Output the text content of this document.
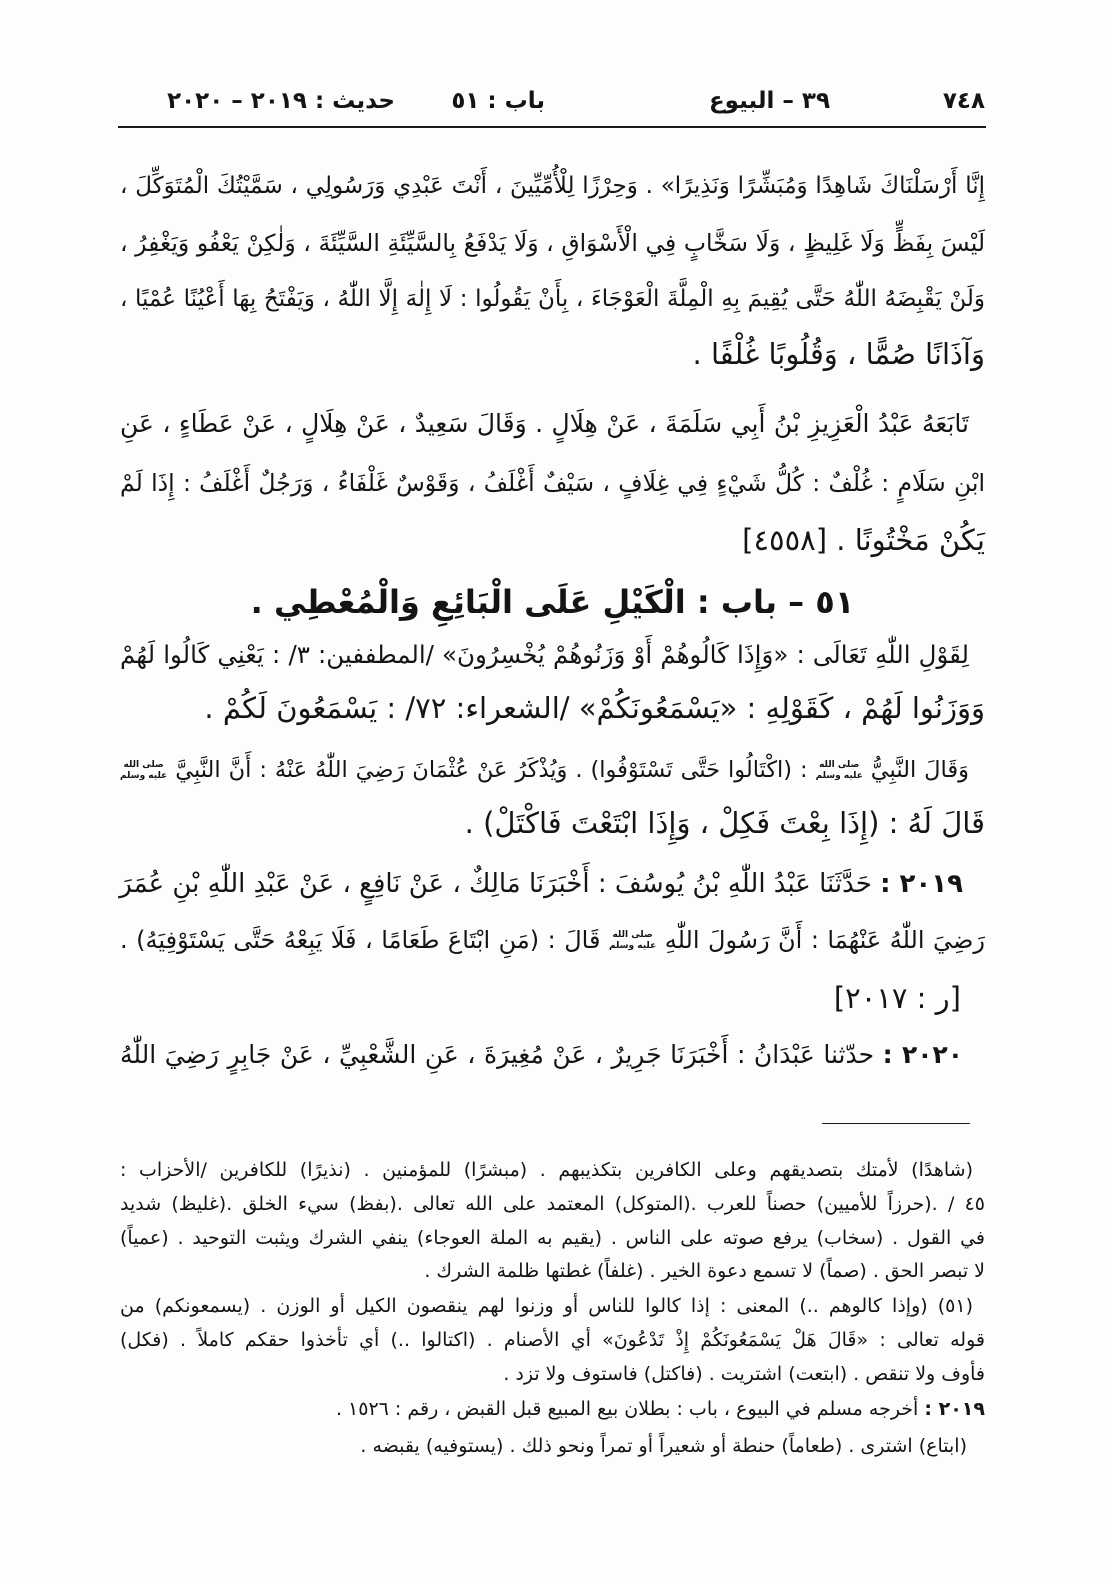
٧٤٨
٣٩ – البيوع
باب : ٥١
حديث : ٢٠١٩ – ٢٠٢٠
إِنَّا أَرْسَلْنَاكَ شَاهِدًا وَمُبَشِّرًا وَنَذِيرًا» . وَحِرْزًا لِلْأُمِّيِّينَ ، أَنْتَ عَبْدِي وَرَسُولِي ، سَمَّيْتُكَ الْمُتَوَكِّلَ ،
لَيْسَ بِفَظٍّ وَلَا غَلِيظٍ ، وَلَا سَخَّابٍ فِي الْأَسْوَاقِ ، وَلَا يَدْفَعُ بِالسَّيِّئَةِ السَّيِّئَةَ ، وَلٰكِنْ يَعْفُو وَيَغْفِرُ ،
وَلَنْ يَقْبِضَهُ اللّٰهُ حَتَّى يُقِيمَ بِهِ الْمِلَّةَ الْعَوْجَاءَ ، بِأَنْ يَقُولُوا : لَا إِلٰهَ إِلَّا اللّٰهُ ، وَيَفْتَحُ بِهَا أَعْيُنًا عُمْيًا ،
وَآذَانًا صُمًّا ، وَقُلُوبًا غُلْفًا .
تَابَعَهُ عَبْدُ الْعَزِيزِ بْنُ أَبِي سَلَمَةَ ، عَنْ هِلَالٍ . وَقَالَ سَعِيدٌ ، عَنْ هِلَالٍ ، عَنْ عَطَاءٍ ، عَنِ
ابْنِ سَلَامٍ : غُلْفٌ : كُلُّ شَيْءٍ فِي غِلَافٍ ، سَيْفٌ أَغْلَفُ ، وَقَوْسٌ غَلْفَاءُ ، وَرَجُلٌ أَغْلَفُ : إِذَا لَمْ
يَكُنْ مَخْتُونًا . [٤٥٥٨]
٥١ – باب : الْكَيْلِ عَلَى الْبَائِعِ وَالْمُعْطِي .
لِقَوْلِ اللّٰهِ تَعَالَى : «وَإِذَا كَالُوهُمْ أَوْ وَزَنُوهُمْ يُخْسِرُونَ» /المطففين: ٣/ : يَعْنِي كَالُوا لَهُمْ
وَوَزَنُوا لَهُمْ ، كَقَوْلِهِ : «يَسْمَعُونَكُمْ» /الشعراء: ٧٢/ : يَسْمَعُونَ لَكُمْ .
وَقَالَ النَّبِيُّ
صلى الله
عليه وسلم
: (اكْتَالُوا حَتَّى تَسْتَوْفُوا) . وَيُذْكَرُ عَنْ عُثْمَانَ رَضِيَ اللّٰهُ عَنْهُ : أَنَّ النَّبِيَّ
صلى الله
عليه وسلم
قَالَ لَهُ : (إِذَا بِعْتَ فَكِلْ ، وَإِذَا ابْتَعْتَ فَاكْتَلْ) .
٢٠١٩ : حَدَّثَنَا عَبْدُ اللّٰهِ بْنُ يُوسُفَ : أَخْبَرَنَا مَالِكٌ ، عَنْ نَافِعٍ ، عَنْ عَبْدِ اللّٰهِ بْنِ عُمَرَ
رَضِيَ اللّٰهُ عَنْهُمَا : أَنَّ رَسُولَ اللّٰهِ
صلى الله
عليه وسلم
قَالَ : (مَنِ ابْتَاعَ طَعَامًا ، فَلَا يَبِعْهُ حَتَّى يَسْتَوْفِيَهُ) .
[ر : ٢٠١٧]
٢٠٢٠ : حدّثنا عَبْدَانُ : أَخْبَرَنَا جَرِيرٌ ، عَنْ مُغِيرَةَ ، عَنِ الشَّعْبِيِّ ، عَنْ جَابِرٍ رَضِيَ اللّٰهُ
(شاهدًا) لأمتك بتصديقهم وعلى الكافرين بتكذيبهم . (مبشرًا) للمؤمنين . (نذيرًا) للكافرين /الأحزاب :
٤٥ / .(حرزاً للأميين) حصناً للعرب .(المتوكل) المعتمد على الله تعالى .(بفظ) سيء الخلق .(غليظ) شديد
في القول . (سخاب) يرفع صوته على الناس . (يقيم به الملة العوجاء) ينفي الشرك ويثبت التوحيد . (عمياً)
لا تبصر الحق . (صماً) لا تسمع دعوة الخير . (غلفاً) غطتها ظلمة الشرك .
(٥١) (وإذا كالوهم ..) المعنى : إذا كالوا للناس أو وزنوا لهم ينقصون الكيل أو الوزن . (يسمعونكم) من
قوله تعالى : «قَالَ هَلْ يَسْمَعُونَكُمْ إِذْ تَدْعُونَ» أي الأصنام . (اكتالوا ..) أي تأخذوا حقكم كاملاً . (فكل)
فأوف ولا تنقص . (ابتعت) اشتريت . (فاكتل) فاستوف ولا تزد .
٢٠١٩ : أخرجه مسلم في البيوع ، باب : بطلان بيع المبيع قبل القبض ، رقم : ١٥٢٦ .
(ابتاع) اشترى . (طعاماً) حنطة أو شعيراً أو تمراً ونحو ذلك . (يستوفيه) يقبضه .
